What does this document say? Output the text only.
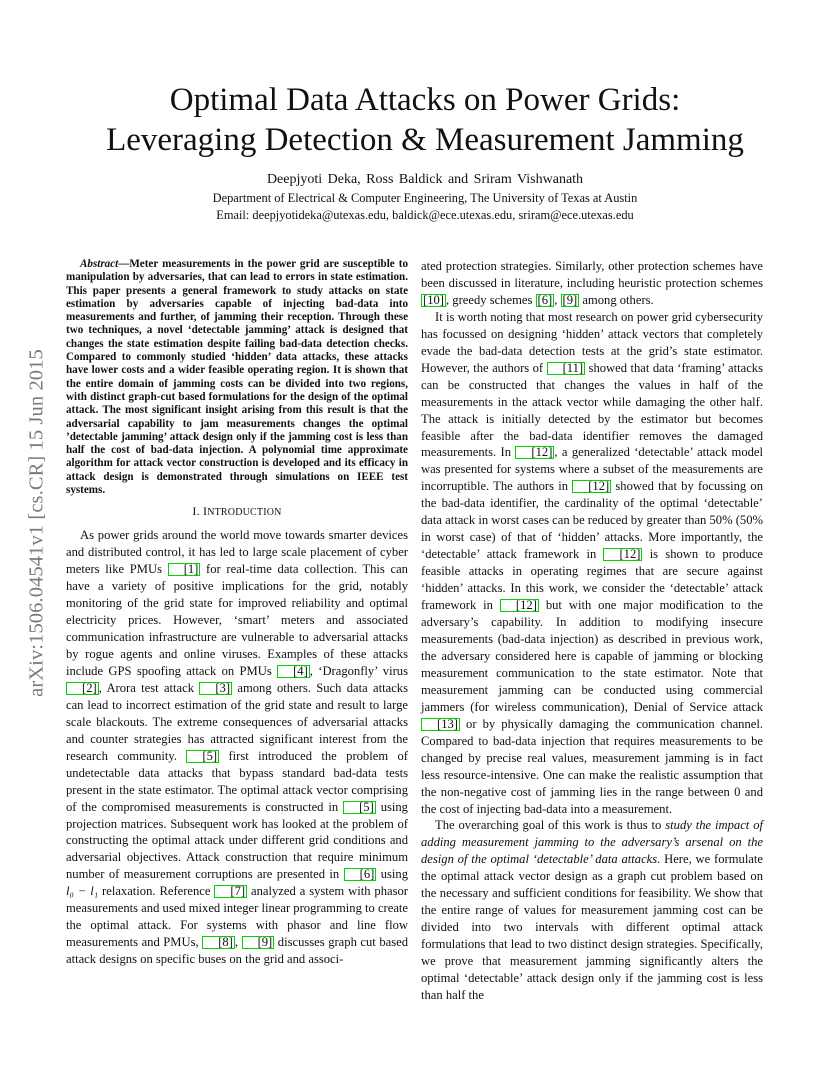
arXiv:1506.04541v1 [cs.CR] 15 Jun 2015
Optimal Data Attacks on Power Grids:
Leveraging Detection & Measurement Jamming
Deepjyoti Deka, Ross Baldick and Sriram Vishwanath
Department of Electrical & Computer Engineering, The University of Texas at Austin
Email: deepjyotideka@utexas.edu, baldick@ece.utexas.edu, sriram@ece.utexas.edu

Abstract—Meter measurements in the power grid are susceptible to manipulation by adversaries, that can lead to errors in state estimation. This paper presents a general framework to study attacks on state estimation by adversaries capable of injecting bad-data into measurements and further, of jamming their reception. Through these two techniques, a novel ‘detectable jamming’ attack is designed that changes the state estimation despite failing bad-data detection checks. Compared to commonly studied ‘hidden’ data attacks, these attacks have lower costs and a wider feasible operating region. It is shown that the entire domain of jamming costs can be divided into two regions, with distinct graph-cut based formulations for the design of the optimal attack. The most significant insight arising from this result is that the adversarial capability to jam measurements changes the optimal ’detectable jamming’ attack design only if the jamming cost is less than half the cost of bad-data injection. A polynomial time approximate algorithm for attack vector construction is developed and its efficacy in attack design is demonstrated through simulations on IEEE test systems.

I. INTRODUCTION

As power grids around the world move towards smarter devices and distributed control, it has led to large scale placement of cyber meters like PMUs [1] for real-time data collection. This can have a variety of positive implications for the grid, notably monitoring of the grid state for improved reliability and optimal electricity prices. However, ‘smart’ meters and associated communication infrastructure are vulnerable to adversarial attacks by rogue agents and online viruses. Examples of these attacks include GPS spoofing attack on PMUs [4] , ‘Dragonfly’ virus [2] , Arora test attack [3] among others. Such data attacks can lead to incorrect estimation of the grid state and result to large scale blackouts. The extreme consequences of adversarial attacks and counter strategies has attracted significant interest from the research community. [5] first introduced the problem of undetectable data attacks that bypass standard bad-data tests present in the state estimator. The optimal attack vector comprising of the compromised measurements is constructed in [5] using projection matrices. Subsequent work has looked at the problem of constructing the optimal attack under different grid conditions and adversarial objectives. Attack construction that require minimum number of measurement corruptions are presented in [6] using l₀ − l₁ relaxation. Reference [7] analyzed a system with phasor measurements and used mixed integer linear programming to create the optimal attack. For systems with phasor and line flow measurements and PMUs, [8] , [9] discusses graph cut based attack designs on specific buses on the grid and associ-

ated protection strategies. Similarly, other protection schemes have been discussed in literature, including heuristic protection schemes [10] , greedy schemes [6] , [9] among others.

It is worth noting that most research on power grid cybersecurity has focussed on designing ‘hidden’ attack vectors that completely evade the bad-data detection tests at the grid’s state estimator. However, the authors of [11] showed that data ‘framing’ attacks can be constructed that changes the values in half of the measurements in the attack vector while damaging the other half. The attack is initially detected by the estimator but becomes feasible after the bad-data identifier removes the damaged measurements. In [12] , a generalized ‘detectable’ attack model was presented for systems where a subset of the measurements are incorruptible. The authors in [12] showed that by focussing on the bad-data identifier, the cardinality of the optimal ‘detectable’ data attack in worst cases can be reduced by greater than 50% (50% in worst case) of that of ‘hidden’ attacks. More importantly, the ‘detectable’ attack framework in [12] is shown to produce feasible attacks in operating regimes that are secure against ‘hidden’ attacks. In this work, we consider the ‘detectable’ attack framework in [12] but with one major modification to the adversary’s capability. In addition to modifying insecure measurements (bad-data injection) as described in previous work, the adversary considered here is capable of jamming or blocking measurement communication to the state estimator. Note that measurement jamming can be conducted using commercial jammers (for wireless communication), Denial of Service attack [13] or by physically damaging the communication channel. Compared to bad-data injection that requires measurements to be changed by precise real values, measurement jamming is in fact less resource-intensive. One can make the realistic assumption that the non-negative cost of jamming lies in the range between 0 and the cost of injecting bad-data into a measurement.

The overarching goal of this work is thus to study the impact of adding measurement jamming to the adversary’s arsenal on the design of the optimal ‘detectable’ data attacks. Here, we formulate the optimal attack vector design as a graph cut problem based on the necessary and sufficient conditions for feasibility. We show that the entire range of values for measurement jamming cost can be divided into two intervals with different optimal attack formulations that lead to two distinct design strategies. Specifically, we prove that measurement jamming significantly alters the optimal ‘detectable’ attack design only if the jamming cost is less than half the
